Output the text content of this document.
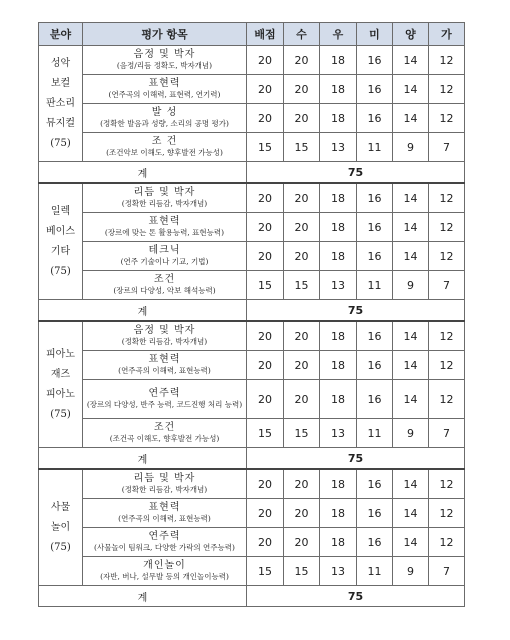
분야	평가 항목	배점	수	우	미	양	가

성악
보컬
판소리
뮤지컬
(75)	음정 및 박자
(음정/리듬 정확도, 박자개념)	20	20	18	16	14	12

	표현력
(연주곡의 이해력, 표현력, 연기력)	20	20	18	16	14	12

	발 성
(정확한 발음과 성량, 소리의 공명 평가)	20	20	18	16	14	12

	조 건
(조건악보 이해도, 향후발전 가능성)	15	15	13	11	9	7
계		75					

일렉
베이스
기타
(75)	리듬 및 박자
(정확한 리듬감, 박자개념)	20	20	18	16	14	12

	표현력
(장르에 맞는 톤 활용능력, 표현능력)	20	20	18	16	14	12

	테크닉
(연주 기술이나 기교, 기법)	20	20	18	16	14	12

	조건
(장르의 다양성, 악보 해석능력)	15	15	13	11	9	7
계		75					

피아노
재즈
피아노
(75)	음정 및 박자
(정확한 리듬감, 박자개념)	20	20	18	16	14	12

	표현력
(연주곡의 이해력, 표현능력)	20	20	18	16	14	12

	연주력
(장르의 다양성, 반주 능력, 코드진행 처리 능력)	20	20	18	16	14	12

	조건
(조건곡 이해도, 향후발전 가능성)	15	15	13	11	9	7
계		75					

사물
놀이
(75)	리듬 및 박자
(정확한 리듬감, 박자개념)	20	20	18	16	14	12

	표현력
(연주곡의 이해력, 표현능력)	20	20	18	16	14	12

	연주력
(사물놀이 팀워크, 다양한 가락의 연주능력)	20	20	18	16	14	12

	개인놀이
(자반, 버나, 설무발 등의 개인놀이능력)	15	15	13	11	9	7
계		75					
